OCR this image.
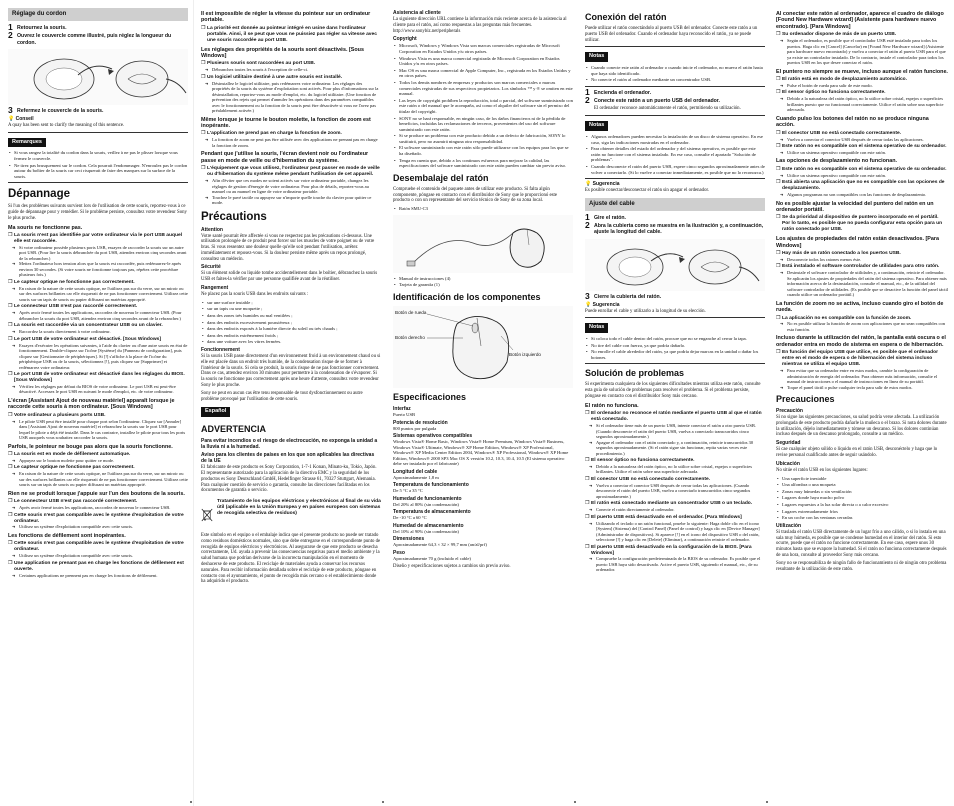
Réglage du cordon
1 Retournez la souris.
2 Ouvrez le couvercle comme illustré, puis réglez la longueur du cordon.
3 Refermez le couvercle de la souris.
💡 Conseil
A quay has been sent to clarify the meaning of this sentence.
Remarques
• Si vous rangez la totalité du cordon dans la souris, veillez à ne pas le plisser lorsque vous fermez le couvercle.
• Ne tirez pas brusquement sur le cordon. Cela pourrait l'endommager. N'enroulez pas le cordon autour du boîtier de la souris car ceci risquerait de faire des marques sur la surface de la souris.
Dépannage
Si l'un des problèmes suivants survient lors de l'utilisation de cette souris, reportez-vous à ce guide de dépannage pour y remédier. Si le problème persiste, consultez votre revendeur Sony le plus proche.
Ma souris ne fonctionne pas.
❒ La souris n'est pas identifiée par votre ordinateur via le port USB auquel elle est raccordée.
➜ Si votre ordinateur possède plusieurs ports USB, essayez de raccorder la souris sur un autre port USB. (Pour lire la souris débranchée du port USB, attendez environ cinq secondes avant de la rebrancher.)
➜ Mettez l'ordinateur hors tension alors que la souris est raccordée, puis redémarrez-le après environ 30 secondes. (Si votre souris ne fonctionne toujours pas, répétez cette procédure plusieurs fois.)
❒ Le capteur optique ne fonctionne pas correctement.
➜ En raison de la nature de cette souris optique, ne l'utilisez pas sur du verre, sur un miroir ou sur des surfaces brillantes car elle risquerait de ne pas fonctionner correctement. Utilisez cette souris sur un tapis de souris ou papier diffusant un matériau approprié.
❒ Le connecteur USB n'est pas raccordé correctement.
➜ Après avoir fermé toutes les applications, raccordez de nouveau le connecteur USB. (Pour débrancher la souris du port USB, attendez environ cinq secondes avant de la rebrancher.)
❒ La souris est raccordée via un concentrateur USB ou un clavier.
➜ Raccordez la souris directement à votre ordinateur.
❒ Le port USB de votre ordinateur est désactivé. [Sous Windows]
➜ Essayez d'exécuter les opérations suivantes, à l'aide du clavier ou d'une autre souris en état de fonctionnement. Double-cliquez sur l'icône [Système] du [Panneau de configuration], puis cliquez sur [Gestionnaire de périphériques]. Si [!] s'affiche à la place de l'icône du périphérique USB ou de la souris, sélectionnez [!], puis cliquez sur [Supprimer] et redémarrez votre ordinateur.
❒ Le port USB de votre ordinateur est désactivé dans les réglages du BIOS. [Sous Windows]
➜ Vérifiez les réglages par défaut du BIOS de votre ordinateur. Le port USB est peut-être désactivé. Accessez le port USB en suivant le mode d'emploi, etc. de votre ordinateur.
L'écran [Assistant Ajout de nouveau matériel] apparaît lorsque je raccorde cette souris à mon ordinateur. [Sous Windows]
❒ Votre ordinateur a plusieurs ports USB.
➜ Le pilote USB peut être installé pour chaque port selon l'ordinateur. Cliquez sur [Annuler] dans [Assistant Ajout de nouveau matériel] et rebranchez la souris sur le port USB pour lequel le pilote a déjà été installé. Dans le cas contraire, installez le pilote pour tous les ports USB auxquels vous souhaitez raccorder la souris.
Parfois, le pointeur ne bouge pas alors que la souris fonctionne.
❒ La souris est en mode de défilement automatique.
➜ Appuyez sur le bouton molette pour quitter ce mode.
❒ Le capteur optique ne fonctionne pas correctement.
➜ En raison de la nature de cette souris optique, ne l'utilisez pas sur du verre, sur un miroir ou sur des surfaces brillantes car elle risquerait de ne pas fonctionner correctement. Utilisez cette souris sur un tapis de souris ou papier diffusant un matériau approprié.
Rien ne se produit lorsque j'appuie sur l'un des boutons de la souris.
❒ Le connecteur USB n'est pas raccordé correctement.
➜ Après avoir fermé toutes les applications, raccordez de nouveau le connecteur USB.
❒ Cette souris n'est pas compatible avec le système d'exploitation de votre ordinateur.
➜ Utilisez un système d'exploitation compatible avec cette souris.
Les fonctions de défilement sont inopérantes.
❒ Cette souris n'est pas compatible avec le système d'exploitation de votre ordinateur.
➜ Utilisez un système d'exploitation compatible avec cette souris.
❒ Une application ne prenant pas en charge les fonctions de défilement est ouverte.
➜ Certaines applications ne prennent pas en charge les fonctions de défilement.
Il est impossible de régler la vitesse du pointeur sur un ordinateur portable.
❒ La priorité est donnée au pointeur intégré en usine dans l'ordinateur portable. Ainsi, il se peut que vous ne puissiez pas régler sa vitesse avec une souris raccordée au port USB.
Les réglages des propriétés de la souris sont désactivés. [Sous Windows]
❒ Plusieurs souris sont raccordées au port USB.
➜ Débranchez toutes les souris à l'exception de celle-ci.
❒ Un logiciel utilitaire destiné à une autre souris est installé.
➜ Désinstallez le logiciel utilitaire, puis redémarrez votre ordinateur. Les réglages des propriétés de la souris du système d'exploitation sont activés. Pour plus d'informations sur la désinstallation, reportez-vous au mode d'emploi, etc. du logiciel utilitaire. (Une fonction de prévention des rejets qui permet d'annuler les opérations dans des paramètres compatibles avec le fonctionnement ou la fonction de la souris peut être désactivée si vous ne l'avez pas préalablement activée.)
Même lorsque je tourne le bouton molette, la fonction de zoom est inopérante.
❒ L'application ne prend pas en charge la fonction de zoom.
➜ La fonction de zoom ne peut pas être utilisée avec des applications ne prenant pas en charge la fonction de zoom.
Pendant que j'utilise la souris, l'écran devient noir ou l'ordinateur passe en mode de veille ou d'hibernation du système.
❒ L'équipement que vous utilisez, l'ordinateur peut passer en mode de veille ou d'hibernation du système même pendant l'utilisation de cet appareil.
➜ Afin d'éviter que ces modes ne soient activés sur votre ordinateur portable, changez les réglages de gestion d'énergie de votre ordinateur. Pour plus de détails, reportez-vous au manuel ou au manuel en ligne de votre ordinateur portable.
➜ Touchez le pavé tactile ou appuyez sur n'importe quelle touche du clavier pour quitter ce mode.
Précautions
Attention
Votre santé pourrait être affectée si vous ne respectez pas les précautions ci-dessous. Une utilisation prolongée de ce produit peut forcer sur les muscles de votre poignet ou de votre bras. Si vous ressentez une douleur quelle qu'elle soit pendant l'utilisation, arrêtez immédiatement et reposez-vous. Si la douleur persiste même après un repos prolongé, consultez un médecin.
Sécurité
Si un élément solide ou liquide tombe accidentellement dans le boîtier, débranchez la souris USB et faites-la vérifier par une personne qualifiée avant de la réutiliser.
Rangement
Ne placez pas la souris USB dans les endroits suivants :
• sur une surface instable ;
• sur un tapis ou une moquette ;
• dans des zones très humides ou mal ventilées ;
• dans des endroits excessivement poussiéreux ;
• dans des endroits exposés à la lumière directe du soleil ou très chauds ;
• dans des endroits extrêmement froids ;
• dans une voiture avec les vitres fermées.
Fonctionnement
Si la souris USB passe directement d'un environnement froid à un environnement chaud ou si elle est placée dans un endroit très humide, de la condensation risque de se former à l'intérieur de la souris. Si cela se produit, la souris risque de ne pas fonctionner correctement. Dans ce cas, attendez environ 30 minutes pour permettre à la condensation de s'évaporer. Si la souris ne fonctionne pas correctement après une heure d'attente, consultez votre revendeur Sony le plus proche.
Sony ne peut en aucun cas être tenu responsable de tout dysfonctionnement ou autre problème provoqué par l'utilisation de cette souris.
Español
ADVERTENCIA
Para evitar incendios o el riesgo de electrocución, no exponga la unidad a la lluvia ni a la humedad.
Aviso para los clientes de países en los que son aplicables las directivas de la UE
El fabricante de este producto es Sony Corporation, 1-7-1 Konan, Minato-ku, Tokio, Japón. El representante autorizado para la aplicación de la directiva EMC y la seguridad de los productos es Sony Deutschland GmbH, Hedelfinger Strasse 61, 70327 Stuttgart, Alemania. Para cualquier cuestión de servicio o garantía, consulte las direcciones facilitadas en los documentos de garantía o servicio.
Tratamiento de los equipos eléctricos y electrónicos al final de su vida útil (aplicable en la Unión Europea y en países europeos con sistemas de recogida selectiva de residuos)
Este símbolo en el equipo o el embalaje indica que el presente producto no puede ser tratado como residuos domésticos normales, sino que debe entregarse en el correspondiente punto de recogida de equipos eléctricos y electrónicos. Al asegurarse de que este producto se desecha correctamente, Ud. ayuda a prevenir las consecuencias negativas para el medio ambiente y la salud humana que podrían derivarse de la incorrecta manipulación en el momento de deshacerse de este producto. El reciclaje de materiales ayuda a conservar los recursos naturales. Para recibir información detallada sobre el reciclaje de este producto, póngase en contacto con el ayuntamiento, el punto de recogida más cercano o el establecimiento donde ha adquirido el producto.
Asistencia al cliente
La siguiente dirección URL contiene la información más reciente acerca de la asistencia al cliente para el ratón, así como respuestas a las preguntas más frecuentes. http://www.sonybiz.net/peripherals
Copyright
• Microsoft, Windows y Windows Vista son marcas comerciales registradas de Microsoft Corporation en Estados Unidos y/u otros países.
• Windows Vista es una marca comercial registrada de Microsoft Corporation en Estados Unidos y/u en otros países.
• Mac OS es una marca comercial de Apple Computer, Inc., registrada en los Estados Unidos y en otros países.
• Todos los demás nombres de empresas y productos son marcas comerciales o marcas comerciales registradas de sus respectivos propietarios. Los símbolos ™ y ® se omiten en este manual.
• Las leyes de copyright prohíben la reproducción, total o parcial, del software suministrado con este ratón o del manual que le acompaña, así como el alquiler del software sin el permiso del titular del copyright.
• SONY no se hará responsable, en ningún caso, de los daños financieros ni de la pérdida de beneficios, incluidas las reclamaciones de terceros, provenientes del uso del software suministrado con este ratón.
• Si se produce un problema con este producto debido a un defecto de fabricación, SONY lo sustituirá, pero no asumirá ninguna otra responsabilidad.
• El software suministrado con este ratón sólo puede utilizarse con los equipos para los que se ha diseñado.
• Tenga en cuenta que, debido a los continuos esfuerzos para mejorar la calidad, las especificaciones del software suministrado con este ratón pueden cambiar sin previo aviso.
Desembalaje del ratón
Compruebe el contenido del paquete antes de utilizar este producto. Si falta algún componente, póngase en contacto con el distribuidor de Sony que le proporcionó este producto o con un representante del servicio técnico de Sony de su zona local.
• Ratón SMU-C3
• Manual de instrucciones (4)
• Tarjeta de garantía (1)
Identificación de los componentes
Botón de rueda
Botón derecho
Botón izquierdo
Especificaciones
Interfaz
Puerto USB
Potencia de resolución
800 puntos por pulgada
Sistemas operativos compatibles
Windows Vista® Home Basic, Windows Vista® Home Premium, Windows Vista® Business, Windows Vista® Ultimate, Windows® XP Home Edition, Windows® XP Professional, Windows® XP Media Center Edition 2004, Windows® XP Professional, Windows® XP Home Edition, Windows® 2000 SP3 Mac OS X versión 10.2, 10.3, 10.4, 10.5 (El sistema operativo debe ser instalado por el fabricante)
Longitud del cable
Aproximadamente 1,8 m
Temperatura de funcionamiento
De 5 °C a 35 °C
Humedad de funcionamiento
Del 20% al 80% (sin condensación)
Temperatura de almacenamiento
De -10 °C a 60 °C
Humedad de almacenamiento
Del 10% al 90% (sin condensación)
Dimensiones
Aproximadamente 64,3 × 32 × 99,7 mm (an/al/prf)
Peso
Aproximadamente 70 g (incluido el cable)
Diseño y especificaciones sujetos a cambios sin previo aviso.
Conexión del ratón
Puede utilizar el ratón conectándolo al puerto USB del ordenador. Conecte este ratón a un puerto USB del ordenador. Cuando el ordenador haya reconocido el ratón, ya se puede utilizar.
Notas
• Cuando conecte este ratón al ordenador o cuando inicie el ordenador, no mueva el ratón hasta que haya sido identificado.
• No conecte el ratón al ordenador mediante un concentrador USB.
1 Encienda el ordenador.
2 Conecte este ratón a un puerto USB del ordenador.
El ordenador reconoce automáticamente el ratón, permitiendo su utilización.
Notas
• Algunos ordenadores pueden necesitar la instalación de un disco de sistema operativo. En ese caso, siga las indicaciones mostradas en el ordenador.
• Para obtener detalles del estado del ordenador y del sistema operativo, es posible que este ratón no funcione con el sistema instalado. En ese caso, consulte el apartado "Solución de problemas".
• Cuando desconecte el ratón del puerto USB, espere cinco segundos aproximadamente antes de volver a conectarlo. (Si lo vuelve a conectar inmediatamente, es posible que no lo reconozca.)
💡 Sugerencia
Es posible conectar/desconectar el ratón sin apagar el ordenador.
Ajuste del cable
1 Gire el ratón.
2 Abra la cubierta como se muestra en la ilustración y, a continuación, ajuste la longitud del cable.
3 Cierre la cubierta del ratón.
💡 Sugerencia
Puede enrollar el cable y utilizarlo a la longitud de su elección.
Notas
• Si coloca todo el cable dentro del ratón, procure que no se enganche al cerrar la tapa.
• No tire del cable con fuerza, ya que podría dañarlo.
• No enrolle el cable alrededor del ratón, ya que podría dejar marcas en la unidad o dañar los botones.
Solución de problemas
Si experimenta cualquiera de los siguientes dificultades mientras utiliza este ratón, consulte esta guía de solución de problemas para resolver el problema. Si el problema persiste, póngase en contacto con el distribuidor Sony más cercano.
El ratón no funciona.
❒ El ordenador no reconoce el ratón mediante el puerto USB al que el ratón está conectado.
➜ Si el ordenador tiene más de un puerto USB, intente conectar el ratón a otro puerto USB. (Cuando desconecte el ratón del puerto USB, vuelva a conectarlo transcurridos cinco segundos aproximadamente.)
➜ Apague el ordenador con el ratón conectado y, a continuación, reinicie transcurridos 30 segundos aproximadamente. (Si el ratón sigue sin funcionar, repita varias veces este procedimiento.)
❒ El sensor óptico no funciona correctamente.
➜ Debido a la naturaleza del ratón óptico, no lo utilice sobre cristal, espejos o superficies brillantes. Utilice el ratón sobre una superficie adecuada.
❒ El conector USB no está conectado correctamente.
➜ Vuelva a conectar el conector USB después de cerrar todas las aplicaciones. (Cuando desconecte el ratón del puerto USB, vuelva a conectarlo transcurridos cinco segundos aproximadamente.)
❒ El ratón está conectado mediante un concentrador USB o un teclado.
➜ Conecte el ratón directamente al ordenador.
❒ El puerto USB está desactivado en el ordenador. [Para Windows]
➜ Utilizando el teclado o un ratón funcional, pruebe lo siguiente: Haga doble clic en el icono [System] (Sistema) del [Control Panel] (Panel de control) y haga clic en [Device Manager] (Administrador de dispositivos). Si aparece [!] en el icono del dispositivo USB o del ratón, seleccione [!] y haga clic en [Delete] (Eliminar), a continuación reinicie el ordenador.
❒ El puerto USB está desactivado en la configuración de la BIOS. [Para Windows]
➜ Compruebe la configuración predeterminada de la BIOS de su ordenador. Es posible que el puerto USB haya sido desactivado. Active el puerto USB, siguiendo el manual, etc., de su ordenador.
Al conectar este ratón al ordenador, aparece el cuadro de diálogo [Found New Hardware wizard] (Asistente para hardware nuevo encontrado). [Para Windows]
❒ Su ordenador dispone de más de un puerto USB.
➜ Según el ordenador, es posible que el controlador USB esté instalado para todos los puertos. Haga clic en [Cancel] (Cancelar) en [Found New Hardware wizard] (Asistente para hardware nuevo encontrado) y vuelva a conectar el ratón al puerto USB para el que ya existe un controlador instalado. De lo contrario, instale el controlador para todos los puertos USB en los que desee conectar el ratón.
El puntero no siempre se mueve, incluso aunque el ratón funcione.
❒ El ratón está en modo de desplazamiento automático.
➜ Pulse el botón de rueda para salir de este modo.
❒ El sensor óptico no funciona correctamente.
➜ Debido a la naturaleza del ratón óptico, no lo utilice sobre cristal, espejos o superficies brillantes puesto que no funcionará correctamente. Utilice el ratón sobre una superficie adecuada.
Cuando pulso los botones del ratón no se produce ninguna acción.
❒ El conector USB no está conectado correctamente.
➜ Vuelva a conectar el conector USB después de cerrar todas las aplicaciones.
❒ Este ratón no es compatible con el sistema operativo de su ordenador.
➜ Utilice un sistema operativo compatible con este ratón.
Las opciones de desplazamiento no funcionan.
❒ Este ratón no es compatible con el sistema operativo de su ordenador.
➜ Utilice un sistema operativo compatible con este ratón.
❒ Está abierta una aplicación que no es compatible con las opciones de desplazamiento.
➜ Algunos programas no son compatibles con las funciones de desplazamiento.
No es posible ajustar la velocidad del puntero del ratón en un ordenador portátil.
❒ Se da prioridad al dispositivo de puntero incorporado en el portátil. Por lo tanto, es posible que no pueda configurar esta opción para un ratón conectado por USB.
Los ajustes de propiedades del ratón están desactivados. [Para Windows]
❒ Hay más de un ratón conectado a los puertos USB.
➜ Desconecte todos los ratones menos éste.
❒ Está instalado el software controlador de utilidades para otro ratón.
➜ Desinstale el software controlador de utilidades y, a continuación, reinicie el ordenador. Se aplicarán los ajustes de propiedades del ratón del sistema operativo. Para obtener más información acerca de la desinstalación, consulte el manual, etc., de la utilidad del software controlador de utilidades. (Es posible que se desactive la función del panel táctil cuando utilice un ordenador portátil.)
La función de zoom no se activa, incluso cuando giro el botón de rueda.
❒ La aplicación no es compatible con la función de zoom.
➜ No es posible utilizar la función de zoom con aplicaciones que no sean compatibles con esta función.
Incluso durante la utilización del ratón, la pantalla está oscura o el ordenador entra en modo de sistema en espera o de hibernación.
❒ En función del equipo USB que utilice, es posible que el ordenador entre en el modo de espera o de hibernación del sistema incluso mientras se utiliza el equipo USB.
➜ Para evitar que su ordenador entre en estos modos, cambie la configuración de administración de energía del ordenador. Para obtener más información, consulte el manual de instrucciones o el manual de instrucciones en línea de su portátil.
➜ Toque el panel táctil o pulse cualquier tecla para salir de estos modos.
Precauciones
Precaución
Si no sigue las siguientes precauciones, su salud podría verse afectada. La utilización prolongada de este producto podría dañarle la muñeca o el brazo. Si nota dolores durante la utilización, déjelo inmediatamente y tómese un descanso. Si los dolores continúan incluso después de un descanso prolongado, consulte a un médico.
Seguridad
Si cae cualquier objeto sólido o líquido en el ratón USB, desconéctelo y haga que lo revise personal cualificado antes de seguir usándolo.
Ubicación
No sitúe el ratón USB en los siguientes lugares:
• Una superficie inestable
• Una alfombra o una moqueta
• Zonas muy húmedas o sin ventilación
• Lugares donde haya mucho polvo
• Lugares expuestos a la luz solar directa o a calor excesivo
• Lugares extremadamente fríos
• En un coche con las ventanas cerradas
Utilización
Si traslada el ratón USB directamente de un lugar frío a uno cálido, o si lo instala en una sala muy húmeda, es posible que se condense humedad en el interior del ratón. Si esto ocurre, puede que el ratón no funcione correctamente. En ese caso, espere unos 30 minutos hasta que se evapore la humedad. Si el ratón no funciona correctamente después de una hora, consulte al proveedor Sony más cercano.
Sony no se responsabiliza de ningún fallo de funcionamiento ni de ningún otro problema resultante de la utilización de este ratón.
